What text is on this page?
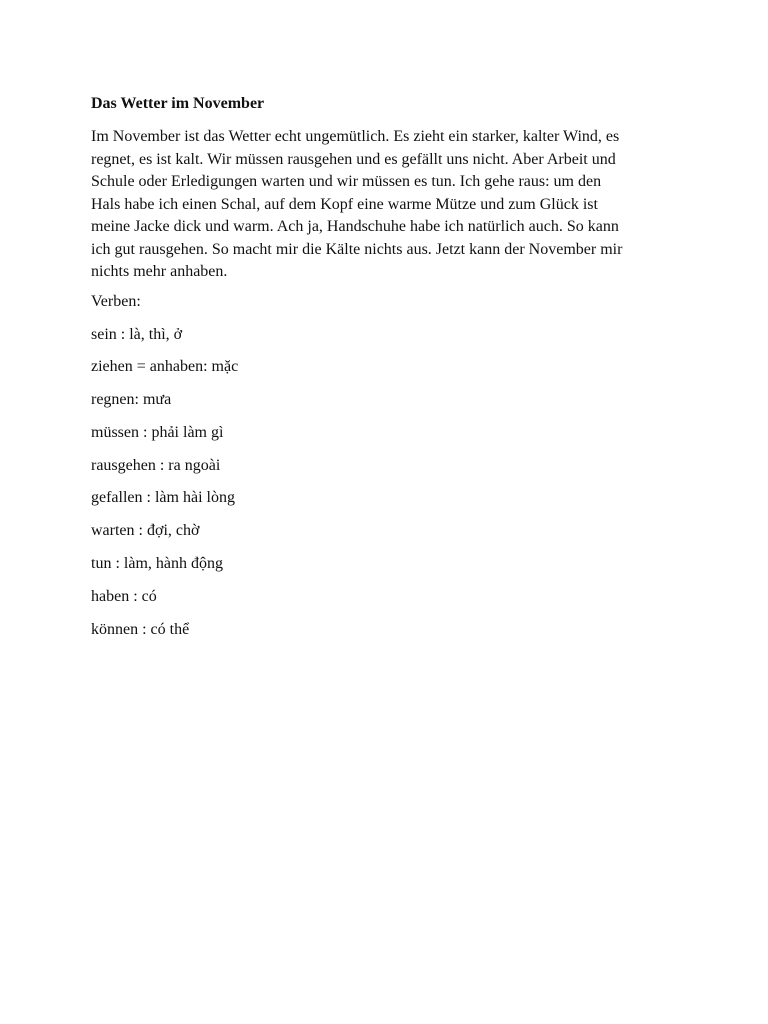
Das Wetter im November
Im November ist das Wetter echt ungemütlich. Es zieht ein starker, kalter Wind, es
regnet, es ist kalt. Wir müssen rausgehen und es gefällt uns nicht. Aber Arbeit und
Schule oder Erledigungen warten und wir müssen es tun. Ich gehe raus: um den
Hals habe ich einen Schal, auf dem Kopf eine warme Mütze und zum Glück ist
meine Jacke dick und warm. Ach ja, Handschuhe habe ich natürlich auch. So kann
ich gut rausgehen. So macht mir die Kälte nichts aus. Jetzt kann der November mir
nichts mehr anhaben.
Verben:
sein : là, thì, ở
ziehen = anhaben: mặc
regnen: mưa
müssen : phải làm gì
rausgehen : ra ngoài
gefallen : làm hài lòng
warten : đợi, chờ
tun : làm, hành động
haben : có
können : có thể
